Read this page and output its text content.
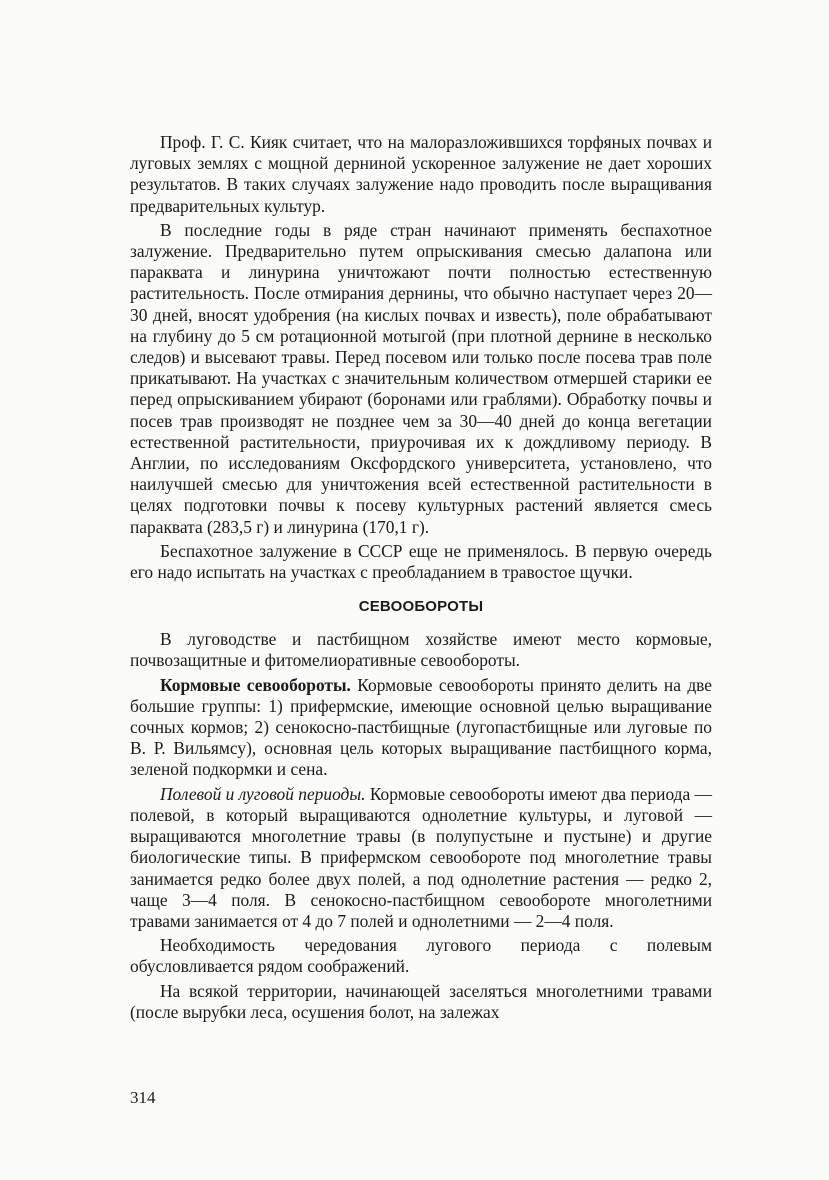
Проф. Г. С. Кияк считает, что на малоразложившихся торфяных почвах и луговых землях с мощной дерниной ускоренное залужение не дает хороших результатов. В таких случаях залужение надо проводить после выращивания предварительных культур.

В последние годы в ряде стран начинают применять беспахотное залужение. Предварительно путем опрыскивания смесью далапона или параквата и линурина уничтожают почти полностью естественную растительность. После отмирания дернины, что обычно наступает через 20—30 дней, вносят удобрения (на кислых почвах и известь), поле обрабатывают на глубину до 5 см ротационной мотыгой (при плотной дернине в несколько следов) и высевают травы. Перед посевом или только после посева трав поле прикатывают. На участках с значительным количеством отмершей старики ее перед опрыскиванием убирают (боронами или граблями). Обработку почвы и посев трав производят не позднее чем за 30—40 дней до конца вегетации естественной растительности, приурочивая их к дождливому периоду. В Англии, по исследованиям Оксфордского университета, установлено, что наилучшей смесью для уничтожения всей естественной растительности в целях подготовки почвы к посеву культурных растений является смесь параквата (283,5 г) и линурина (170,1 г).

Беспахотное залужение в СССР еще не применялось. В первую очередь его надо испытать на участках с преобладанием в травостое щучки.

СЕВООБОРОТЫ

В луговодстве и пастбищном хозяйстве имеют место кормовые, почвозащитные и фитомелиоративные севообороты.

Кормовые севообороты. Кормовые севообороты принято делить на две большие группы: 1) прифермские, имеющие основной целью выращивание сочных кормов; 2) сенокосно-пастбищные (лугопастбищные или луговые по В. Р. Вильямсу), основная цель которых выращивание пастбищного корма, зеленой подкормки и сена.

Полевой и луговой периоды. Кормовые севообороты имеют два периода — полевой, в который выращиваются однолетние культуры, и луговой — выращиваются многолетние травы (в полупустыне и пустыне) и другие биологические типы. В прифермском севообороте под многолетние травы занимается редко более двух полей, а под однолетние растения — редко 2, чаще 3—4 поля. В сенокосно-пастбищном севообороте многолетними травами занимается от 4 до 7 полей и однолетними — 2—4 поля.

Необходимость чередования лугового периода с полевым обусловливается рядом соображений.

На всякой территории, начинающей заселяться многолетними травами (после вырубки леса, осушения болот, на залежах

314
